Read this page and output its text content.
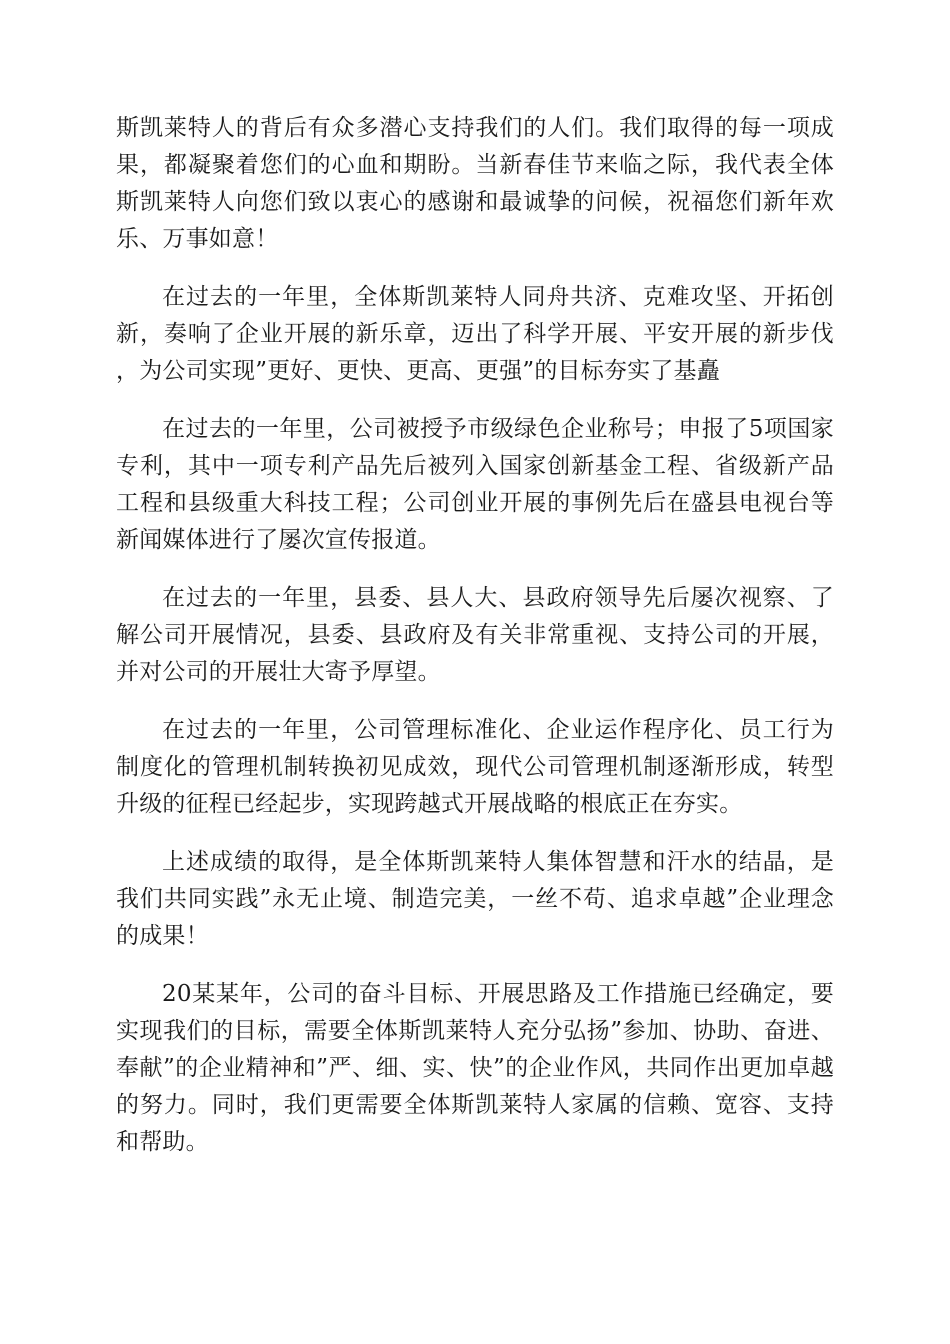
斯凯莱特人的背后有众多潜心支持我们的人们。我们取得的每一项成果，都凝聚着您们的心血和期盼。当新春佳节来临之际，我代表全体斯凯莱特人向您们致以衷心的感谢和最诚挚的问候，祝福您们新年欢乐、万事如意！

在过去的一年里，全体斯凯莱特人同舟共济、克难攻坚、开拓创新，奏响了企业开展的新乐章，迈出了科学开展、平安开展的新步伐，为公司实现”更好、更快、更高、更强”的目标夯实了基矗

在过去的一年里，公司被授予市级绿色企业称号；申报了5项国家专利，其中一项专利产品先后被列入国家创新基金工程、省级新产品工程和县级重大科技工程；公司创业开展的事例先后在盛县电视台等新闻媒体进行了屡次宣传报道。

在过去的一年里，县委、县人大、县政府领导先后屡次视察、了解公司开展情况，县委、县政府及有关非常重视、支持公司的开展，并对公司的开展壮大寄予厚望。

在过去的一年里，公司管理标准化、企业运作程序化、员工行为制度化的管理机制转换初见成效，现代公司管理机制逐渐形成，转型升级的征程已经起步，实现跨越式开展战略的根底正在夯实。

上述成绩的取得，是全体斯凯莱特人集体智慧和汗水的结晶，是我们共同实践”永无止境、制造完美，一丝不苟、追求卓越”企业理念的成果！

20某某年，公司的奋斗目标、开展思路及工作措施已经确定，要实现我们的目标，需要全体斯凯莱特人充分弘扬”参加、协助、奋进、奉献”的企业精神和”严、细、实、快”的企业作风，共同作出更加卓越的努力。同时，我们更需要全体斯凯莱特人家属的信赖、宽容、支持和帮助。
